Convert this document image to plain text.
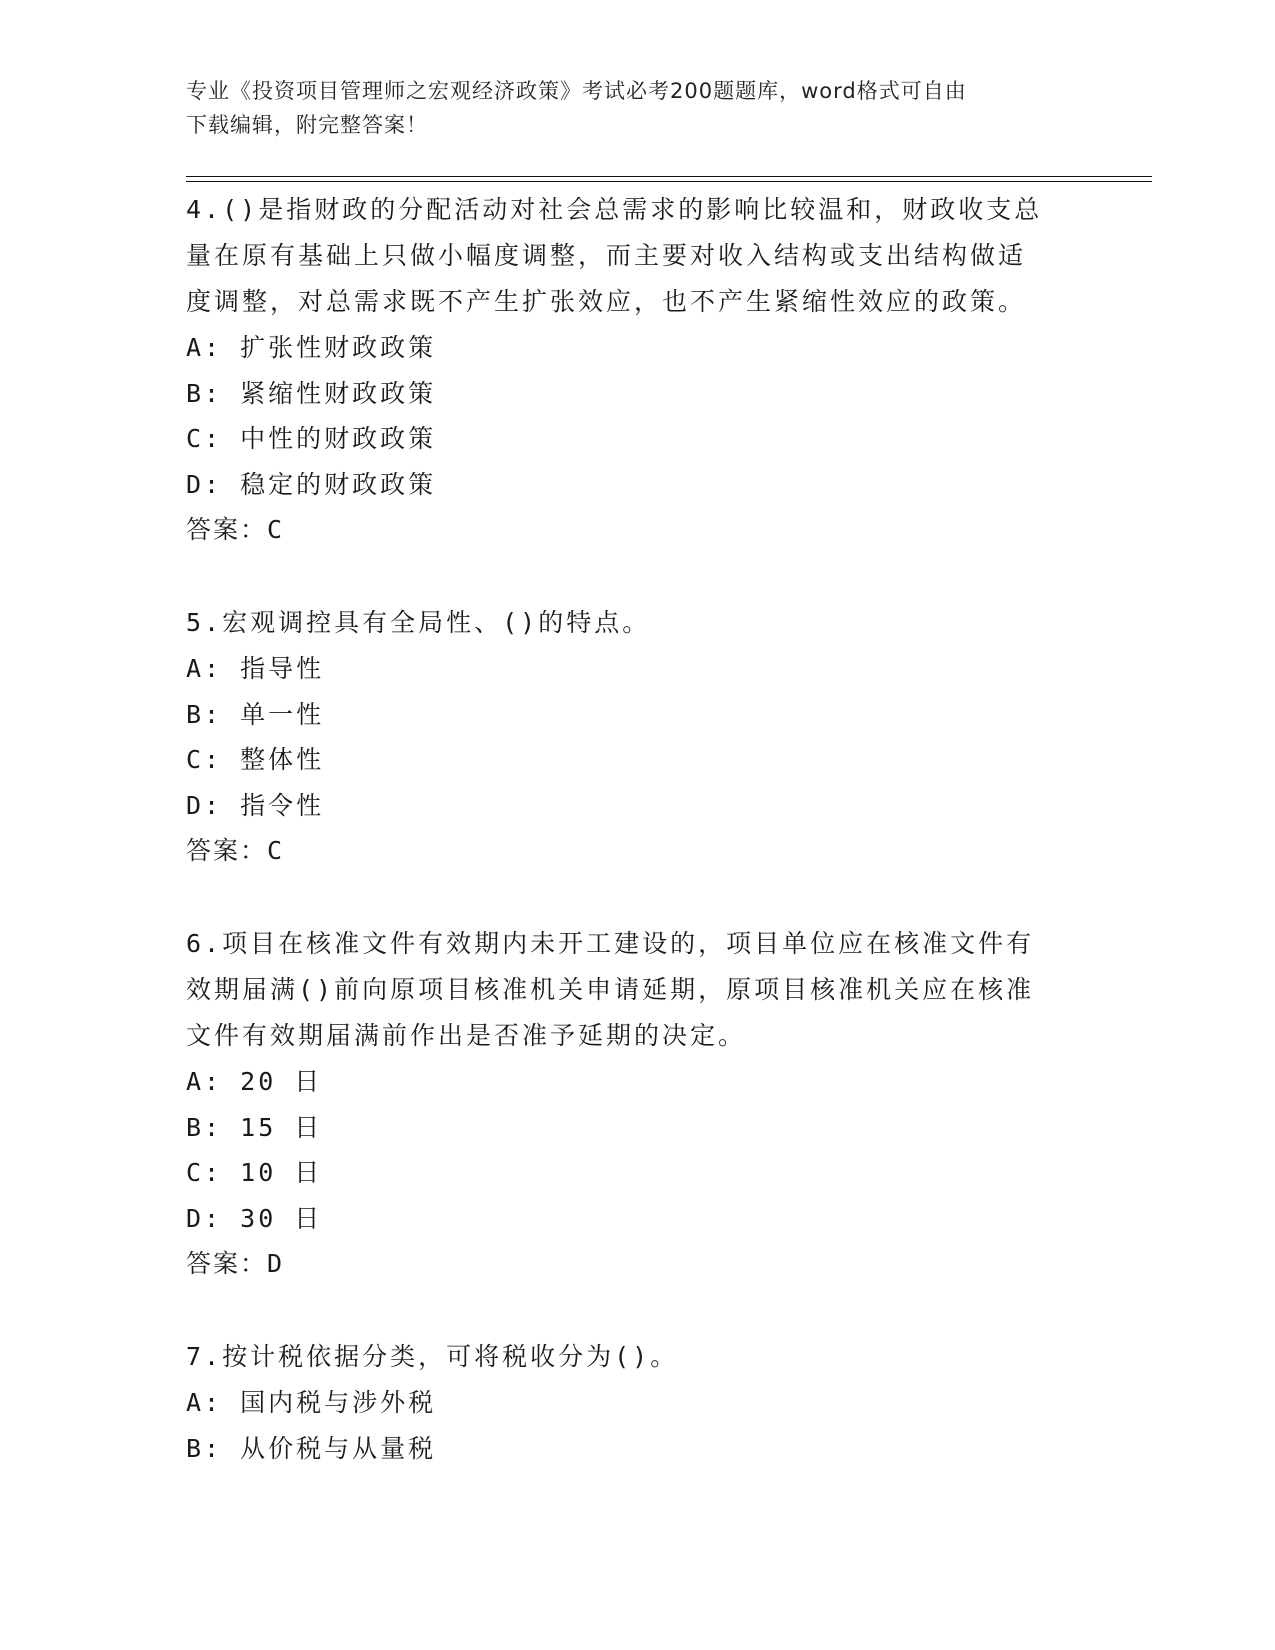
专业《投资项目管理师之宏观经济政策》考试必考200题题库，word格式可自由
下载编辑，附完整答案！

4.()是指财政的分配活动对社会总需求的影响比较温和，财政收支总

量在原有基础上只做小幅度调整，而主要对收入结构或支出结构做适

度调整，对总需求既不产生扩张效应，也不产生紧缩性效应的政策。

A: 扩张性财政政策

B: 紧缩性财政政策

C: 中性的财政政策

D: 稳定的财政政策

答案：C

5.宏观调控具有全局性、()的特点。

A: 指导性

B: 单一性

C: 整体性

D: 指令性

答案：C

6.项目在核准文件有效期内未开工建设的，项目单位应在核准文件有

效期届满()前向原项目核准机关申请延期，原项目核准机关应在核准

文件有效期届满前作出是否准予延期的决定。

A: 20 日

B: 15 日

C: 10 日

D: 30 日

答案：D

7.按计税依据分类，可将税收分为()。

A: 国内税与涉外税

B: 从价税与从量税
